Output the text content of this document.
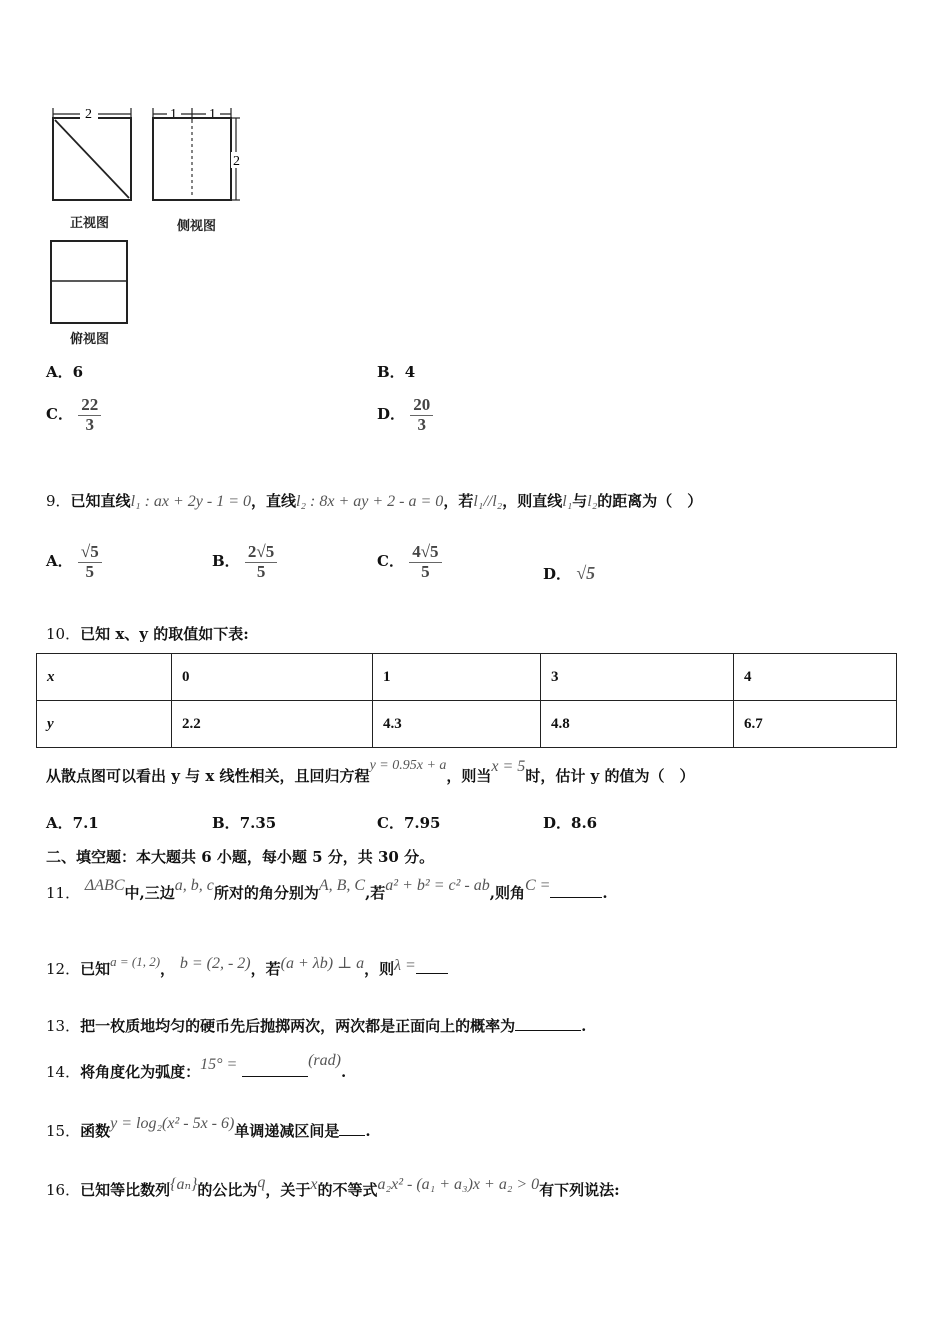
2
正视图
1 1
2
侧视图
俯视图
A．6	B．4
C． $\frac{22}{3}$	D． $\frac{20}{3}$
9．已知直线l₁ : ax + 2y - 1 = 0，直线l₂ : 8x + ay + 2 - a = 0，若l₁//l₂，则直线l₁与l₂的距离为（　）
A． $\frac{√5}{5}$	B． $\frac{2√5}{5}$	C． $\frac{4√5}{5}$	D． √5
10．已知 x、y 的取值如下表:
x	0	1	3	4
y	2.2	4.3	4.8	6.7
从散点图可以看出 y 与 x 线性相关，且回归方程y = 0.95x + a，则当x = 5时，估计 y 的值为（　）
A．7.1	B．7.35	C．7.95	D．8.6
二、填空题：本大题共 6 小题，每小题 5 分，共 30 分。
11． ΔABC中,三边a, b, c所对的角分别为A, B, C,若a² + b² = c² - ab,则角C =	.
12．已知a = (1, 2)， b = (2, - 2)，若(a + λb) ⊥ a，则λ =
13．把一枚质地均匀的硬币先后抛掷两次，两次都是正面向上的概率为	.
14．将角度化为弧度：15° =	(rad).
15．函数y = log₂(x² - 5x - 6)单调递减区间是 .
16．已知等比数列{aₙ}的公比为q，关于x的不等式a₂x² - (a₁ + a₃)x + a₂ > 0有下列说法:
